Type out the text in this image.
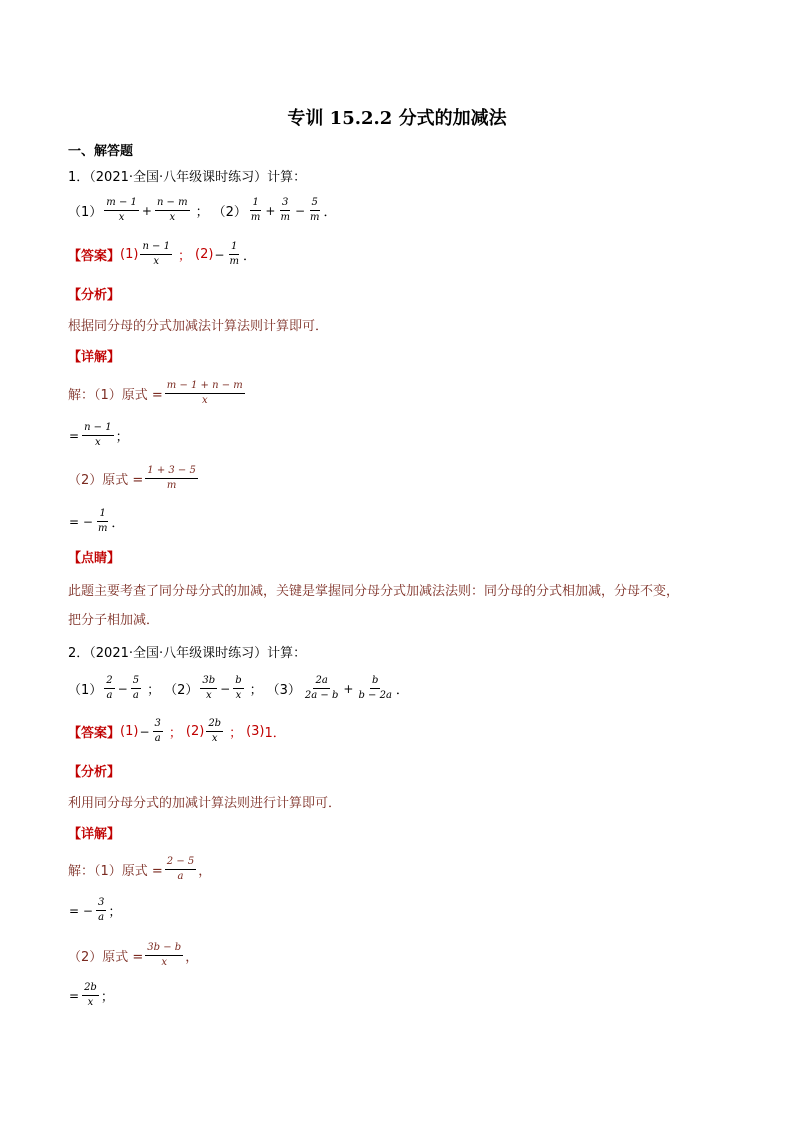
专训 15.2.2 分式的加减法
一、解答题
1．（2021·全国·八年级课时练习）计算：
$(1) \frac{m - 1}{x} + \frac{n - m}{x}$ ； $(2) \frac{1}{m} + \frac{3}{m} - \frac{5}{m}$ ．
【答案】 $(1) \frac{n - 1}{x}$ ； $(2) - \frac{1}{m}$ ．
【分析】
根据同分母的分式加减法计算法则计算即可．
【详解】
解：（1）原式 = $\frac{m - 1 + n - m}{x}$
= $\frac{n - 1}{x}$ ；
（2）原式 = $\frac{1 + 3 - 5}{m}$
= − $\frac{1}{m}$ ．
【点睛】
此题主要考查了同分母分式的加减，关键是掌握同分母分式加减法法则：同分母的分式相加减，分母不变，
把分子相加减．
2．（2021·全国·八年级课时练习）计算：
$(1) \frac{2}{a} - \frac{5}{a}$ ； $(2) \frac{3b}{x} - \frac{b}{x}$ ； $(3) \frac{2a}{2a - b} + \frac{b}{b - 2a}$ ．
【答案】 $(1) - \frac{3}{a}$ ； $(2) \frac{2b}{x}$ ； (3) 1．
【分析】
利用同分母分式的加减计算法则进行计算即可．
【详解】
解：（1）原式 = $\frac{2 - 5}{a}$ ，
= − $\frac{3}{a}$ ；
（2）原式 = $\frac{3b - b}{x}$ ，
= $\frac{2b}{x}$ ；
